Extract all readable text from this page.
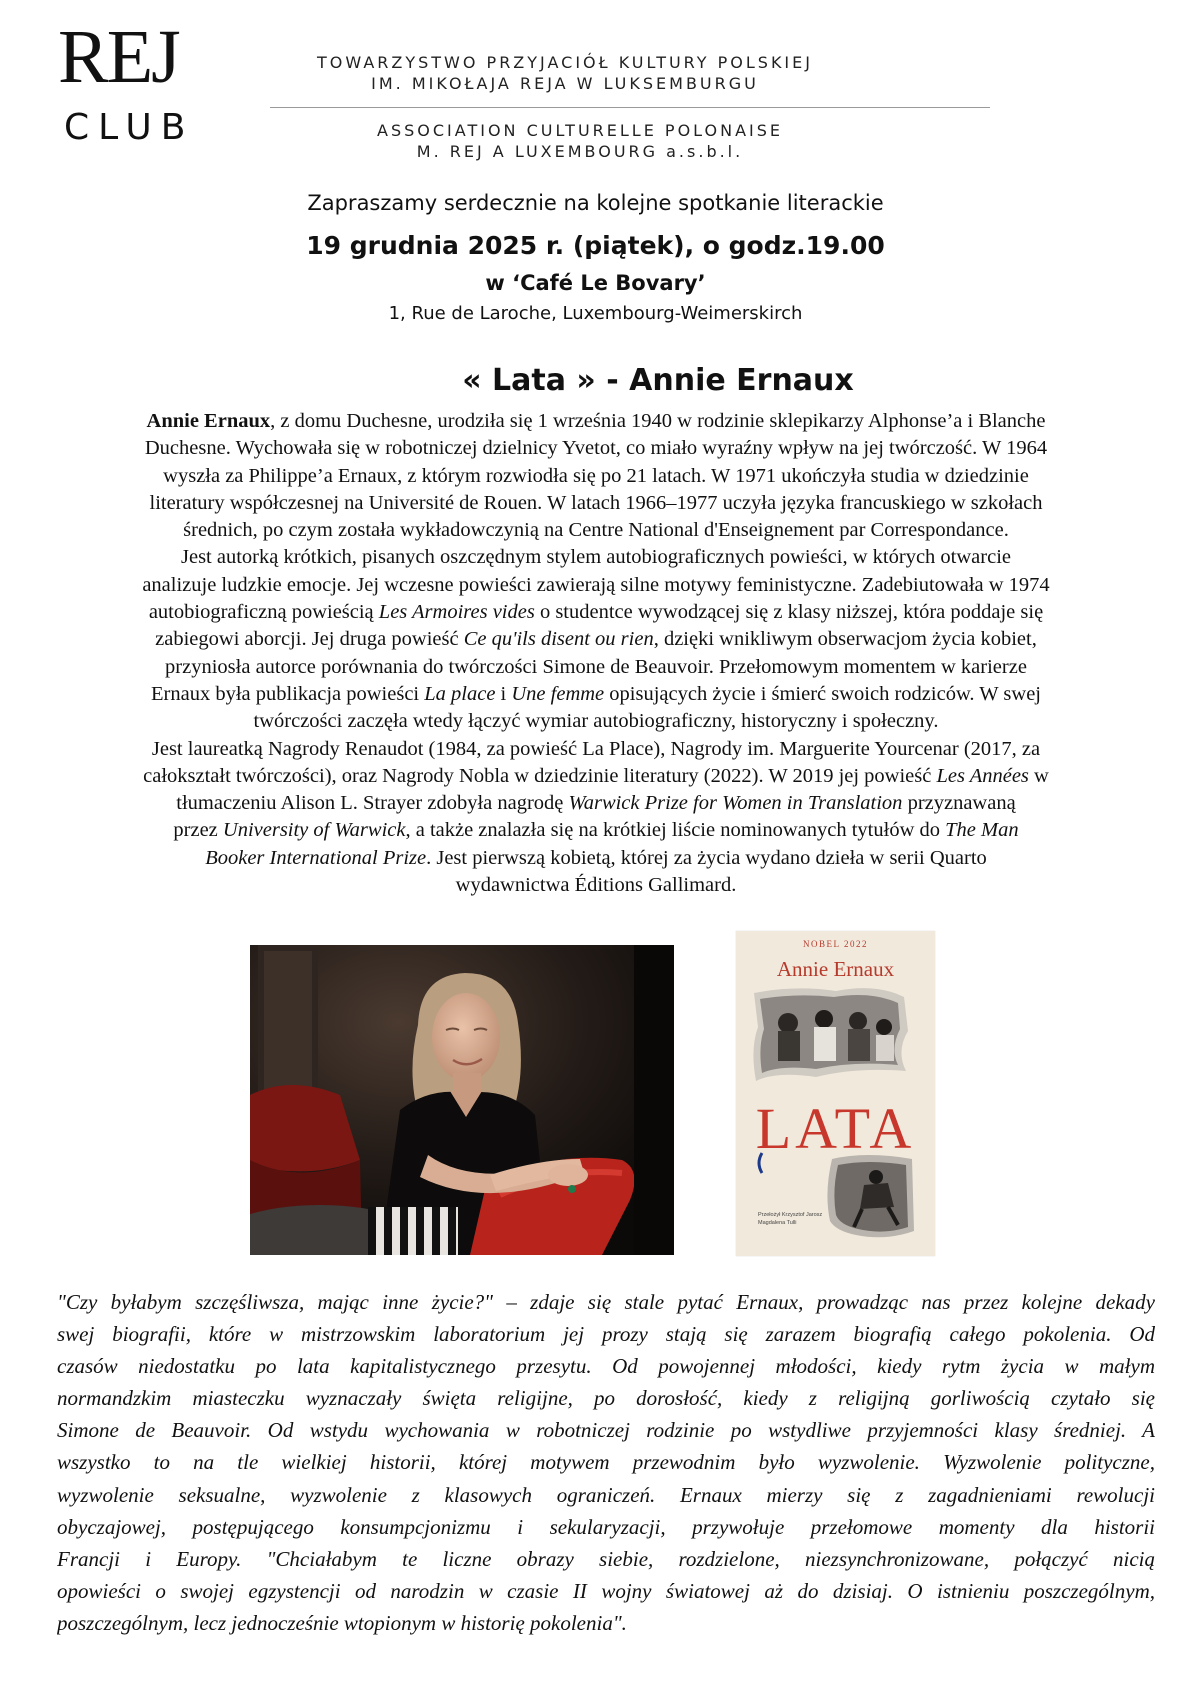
REJ
CLUB
TOWARZYSTWO PRZYJACIÓŁ KULTURY POLSKIEJ
IM. MIKOŁAJA REJA W LUKSEMBURGU
ASSOCIATION CULTURELLE POLONAISE
M. REJ A LUXEMBOURG a.s.b.l.
Zapraszamy serdecznie na kolejne spotkanie literackie
19 grudnia 2025 r. (piątek), o godz.19.00
w ‘Café Le Bovary’
1, Rue de Laroche, Luxembourg-Weimerskirch
« Lata » - Annie Ernaux
Annie Ernaux, z domu Duchesne, urodziła się 1 września 1940 w rodzinie sklepikarzy Alphonse’a i Blanche
Duchesne. Wychowała się w robotniczej dzielnicy Yvetot, co miało wyraźny wpływ na jej twórczość. W 1964
wyszła za Philippe’a Ernaux, z którym rozwiodła się po 21 latach. W 1971 ukończyła studia w dziedzinie
literatury współczesnej na Université de Rouen. W latach 1966–1977 uczyła języka francuskiego w szkołach
średnich, po czym została wykładowczynią na Centre National d'Enseignement par Correspondance.
Jest autorką krótkich, pisanych oszczędnym stylem autobiograficznych powieści, w których otwarcie
analizuje ludzkie emocje. Jej wczesne powieści zawierają silne motywy feministyczne. Zadebiutowała w 1974
autobiograficzną powieścią Les Armoires vides o studentce wywodzącej się z klasy niższej, która poddaje się
zabiegowi aborcji. Jej druga powieść Ce qu'ils disent ou rien, dzięki wnikliwym obserwacjom życia kobiet,
przyniosła autorce porównania do twórczości Simone de Beauvoir. Przełomowym momentem w karierze
Ernaux była publikacja powieści La place i Une femme opisujących życie i śmierć swoich rodziców. W swej
twórczości zaczęła wtedy łączyć wymiar autobiograficzny, historyczny i społeczny.
Jest laureatką Nagrody Renaudot (1984, za powieść La Place), Nagrody im. Marguerite Yourcenar (2017, za
całokształt twórczości), oraz Nagrody Nobla w dziedzinie literatury (2022). W 2019 jej powieść Les Années w
tłumaczeniu Alison L. Strayer zdobyła nagrodę Warwick Prize for Women in Translation przyznawaną
przez University of Warwick, a także znalazła się na krótkiej liście nominowanych tytułów do The Man
Booker International Prize. Jest pierwszą kobietą, której za życia wydano dzieła w serii Quarto
wydawnictwa Éditions Gallimard.
NOBEL 2022
Annie Ernaux
LATA
Przełożył Krzysztof Jarosz
Magdalena Tulli
"Czy byłabym szczęśliwsza, mając inne życie?" – zdaje się stale pytać Ernaux, prowadząc nas przez kolejne dekady
swej biografii, które w mistrzowskim laboratorium jej prozy stają się zarazem biografią całego pokolenia. Od
czasów niedostatku po lata kapitalistycznego przesytu. Od powojennej młodości, kiedy rytm życia w małym
normandzkim miasteczku wyznaczały święta religijne, po dorosłość, kiedy z religijną gorliwością czytało się
Simone de Beauvoir. Od wstydu wychowania w robotniczej rodzinie po wstydliwe przyjemności klasy średniej. A
wszystko to na tle wielkiej historii, której motywem przewodnim było wyzwolenie. Wyzwolenie polityczne,
wyzwolenie seksualne, wyzwolenie z klasowych ograniczeń. Ernaux mierzy się z zagadnieniami rewolucji
obyczajowej, postępującego konsumpcjonizmu i sekularyzacji, przywołuje przełomowe momenty dla historii
Francji i Europy. "Chciałabym te liczne obrazy siebie, rozdzielone, niezsynchronizowane, połączyć nicią
opowieści o swojej egzystencji od narodzin w czasie II wojny światowej aż do dzisiaj. O istnieniu poszczególnym,
poszczególnym, lecz jednocześnie wtopionym w historię pokolenia".
